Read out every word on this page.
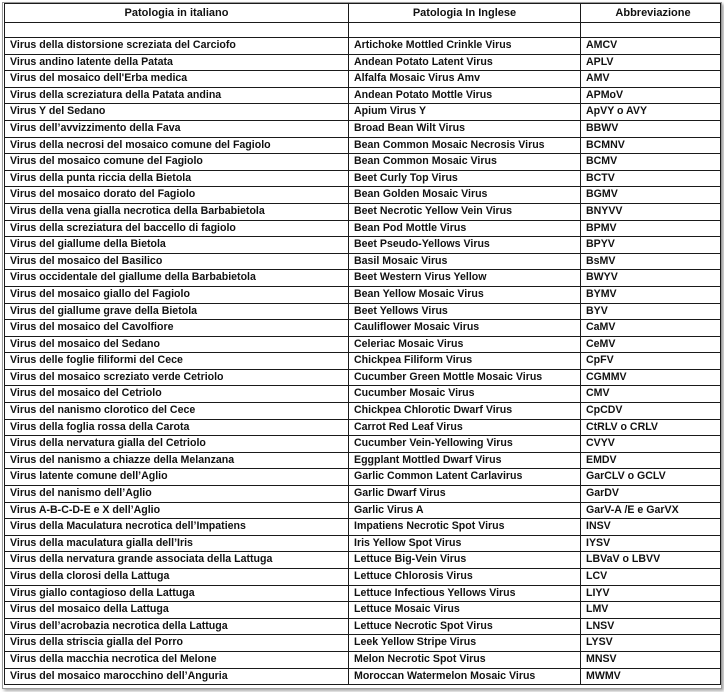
Patologia in italiano	Patologia In Inglese	Abbreviazione

Virus della distorsione screziata del Carciofo	Artichoke Mottled Crinkle Virus	AMCV
Virus andino latente della Patata	Andean Potato Latent Virus	APLV
Virus del mosaico dell'Erba medica	Alfalfa Mosaic Virus Amv	AMV
Virus della screziatura della Patata andina	Andean Potato Mottle Virus	APMoV
Virus Y del Sedano	Apium Virus Y	ApVY o AVY
Virus dell’avvizzimento della Fava	Broad Bean Wilt Virus	BBWV
Virus della necrosi del mosaico comune del Fagiolo	Bean Common Mosaic Necrosis Virus	BCMNV
Virus del mosaico comune del Fagiolo	Bean Common Mosaic Virus	BCMV
Virus della punta riccia della Bietola	Beet Curly Top Virus	BCTV
Virus del mosaico dorato del Fagiolo	Bean Golden Mosaic Virus	BGMV
Virus della vena gialla necrotica della Barbabietola	Beet Necrotic Yellow Vein Virus	BNYVV
Virus della screziatura del baccello di fagiolo	Bean Pod Mottle Virus	BPMV
Virus del giallume della Bietola	Beet Pseudo-Yellows Virus	BPYV
Virus del mosaico del Basilico	Basil Mosaic Virus	BsMV
Virus occidentale del giallume della Barbabietola	Beet Western Virus Yellow	BWYV
Virus del mosaico giallo del Fagiolo	Bean Yellow Mosaic Virus	BYMV
Virus del giallume grave della Bietola	Beet Yellows Virus	BYV
Virus del mosaico del Cavolfiore	Cauliflower Mosaic Virus	CaMV
Virus del mosaico del Sedano	Celeriac Mosaic Virus	CeMV
Virus delle foglie filiformi del Cece	Chickpea Filiform Virus	CpFV
Virus del mosaico screziato verde Cetriolo	Cucumber Green Mottle Mosaic Virus	CGMMV
Virus del mosaico del Cetriolo	Cucumber Mosaic Virus	CMV
Virus del nanismo clorotico del Cece	Chickpea Chlorotic Dwarf Virus	CpCDV
Virus della foglia rossa della Carota	Carrot Red Leaf Virus	CtRLV o CRLV
Virus della nervatura gialla del Cetriolo	Cucumber Vein-Yellowing Virus	CVYV
Virus del nanismo a chiazze della Melanzana	Eggplant Mottled Dwarf Virus	EMDV
Virus latente comune dell’Aglio	Garlic Common Latent Carlavirus	GarCLV o GCLV
Virus del nanismo dell’Aglio	Garlic Dwarf Virus	GarDV
Virus A-B-C-D-E e X dell’Aglio	Garlic Virus A	GarV-A /E e GarVX
Virus della Maculatura necrotica dell’Impatiens	Impatiens Necrotic Spot Virus	INSV
Virus della maculatura gialla dell’Iris	Iris Yellow Spot Virus	IYSV
Virus della nervatura grande associata della Lattuga	Lettuce Big-Vein Virus	LBVaV o LBVV
Virus della clorosi della Lattuga	Lettuce Chlorosis Virus	LCV
Virus giallo contagioso della Lattuga	Lettuce Infectious Yellows Virus	LIYV
Virus del mosaico della Lattuga	Lettuce Mosaic Virus	LMV
Virus dell’acrobazia necrotica della Lattuga	Lettuce Necrotic Spot Virus	LNSV
Virus della striscia gialla del Porro	Leek Yellow Stripe Virus	LYSV
Virus della macchia necrotica del Melone	Melon Necrotic Spot Virus	MNSV
Virus del mosaico marocchino dell’Anguria	Moroccan Watermelon Mosaic Virus	MWMV
